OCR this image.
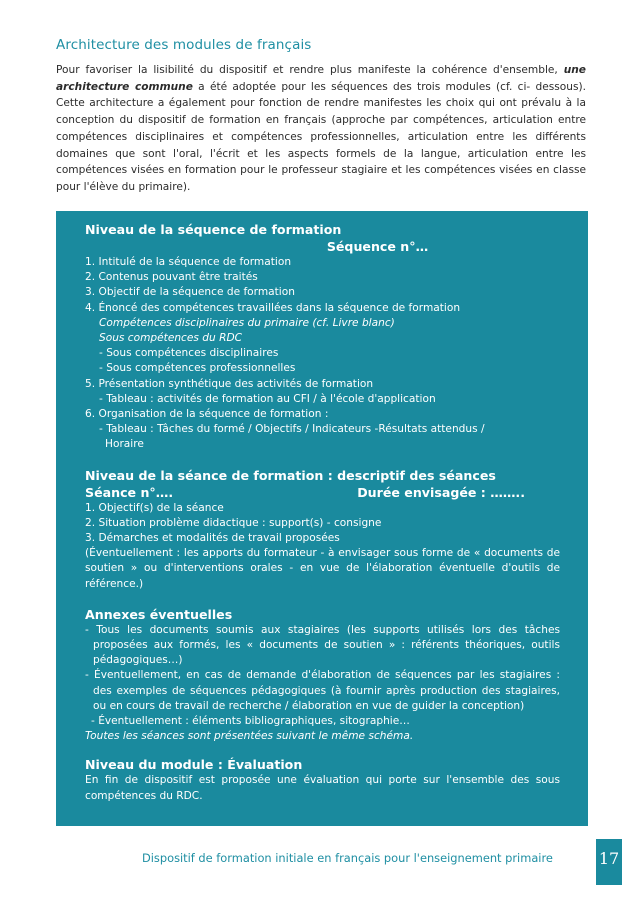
Architecture des modules de français
Pour favoriser la lisibilité du dispositif et rendre plus manifeste la cohérence d'ensemble, une architecture commune a été adoptée pour les séquences des trois modules (cf. ci- dessous). Cette architecture a également pour fonction de rendre manifestes les choix qui ont prévalu à la conception du dispositif de formation en français (approche par compétences, articulation entre compétences disciplinaires et compétences professionnelles, articulation entre les différents domaines que sont l'oral, l'écrit et les aspects formels de la langue, articulation entre les compétences visées en formation pour le professeur stagiaire et les compétences visées en classe pour l'élève du primaire).
Niveau de la séquence de formation
Séquence n°…
1. Intitulé de la séquence de formation
2. Contenus pouvant être traités
3. Objectif de la séquence de formation
4. Énoncé des compétences travaillées dans la séquence de formation
Compétences disciplinaires du primaire (cf. Livre blanc)
Sous compétences du RDC
- Sous compétences disciplinaires
- Sous compétences professionnelles
5. Présentation synthétique des activités de formation
- Tableau : activités de formation au CFI / à l'école d'application
6. Organisation de la séquence de formation :
- Tableau : Tâches du formé / Objectifs / Indicateurs -Résultats attendus /
Horaire
Niveau de la séance de formation : descriptif des séances
Séance n°….	Durée envisagée : ……..
1. Objectif(s) de la séance
2. Situation problème didactique : support(s) - consigne
3. Démarches et modalités de travail proposées
(Éventuellement : les apports du formateur - à envisager sous forme de « documents de soutien » ou d'interventions orales - en vue de l'élaboration éventuelle d'outils de référence.)
Annexes éventuelles
- Tous les documents soumis aux stagiaires (les supports utilisés lors des tâches proposées aux formés, les « documents de soutien » : référents théoriques, outils pédagogiques…)
- Éventuellement, en cas de demande d'élaboration de séquences par les stagiaires : des exemples de séquences pédagogiques (à fournir après production des stagiaires, ou en cours de travail de recherche / élaboration en vue de guider la conception)
- Éventuellement : éléments bibliographiques, sitographie…
Toutes les séances sont présentées suivant le même schéma.
Niveau du module : Évaluation
En fin de dispositif est proposée une évaluation qui porte sur l'ensemble des sous compétences du RDC.
Dispositif de formation initiale en français pour l'enseignement primaire	17
